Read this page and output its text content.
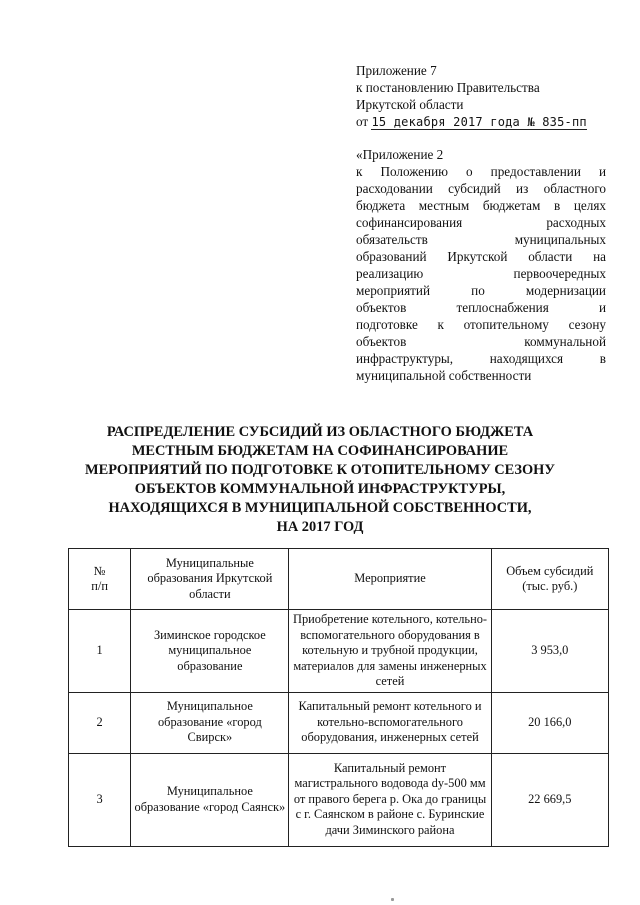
Приложение 7
к постановлению Правительства
Иркутской области
от 15 декабря 2017 года № 835-пп
«Приложение 2
к Положению о предоставлении и
расходовании субсидий из областного
бюджета местным бюджетам в целях
софинансирования расходных
обязательств муниципальных
образований Иркутской области на
реализацию первоочередных
мероприятий по модернизации
объектов теплоснабжения и
подготовке к отопительному сезону
объектов коммунальной
инфраструктуры, находящихся в
муниципальной собственности
РАСПРЕДЕЛЕНИЕ СУБСИДИЙ ИЗ ОБЛАСТНОГО БЮДЖЕТА
МЕСТНЫМ БЮДЖЕТАМ НА СОФИНАНСИРОВАНИЕ
МЕРОПРИЯТИЙ ПО ПОДГОТОВКЕ К ОТОПИТЕЛЬНОМУ СЕЗОНУ
ОБЪЕКТОВ КОММУНАЛЬНОЙ ИНФРАСТРУКТУРЫ,
НАХОДЯЩИХСЯ В МУНИЦИПАЛЬНОЙ СОБСТВЕННОСТИ,
НА 2017 ГОД
№
п/п	Муниципальные образования Иркутской области	Мероприятие	Объем субсидий (тыс. руб.)
1	Зиминское городское муниципальное образование	Приобретение котельного, котельно-вспомогательного оборудования в котельную и трубной продукции, материалов для замены инженерных сетей	3 953,0
2	Муниципальное образование «город Свирск»	Капитальный ремонт котельного и котельно-вспомогательного оборудования, инженерных сетей	20 166,0
3	Муниципальное образование «город Саянск»	Капитальный ремонт магистрального водовода dy-500 мм от правого берега р. Ока до границы с г. Саянском в районе с. Буринские дачи Зиминского района	22 669,5
